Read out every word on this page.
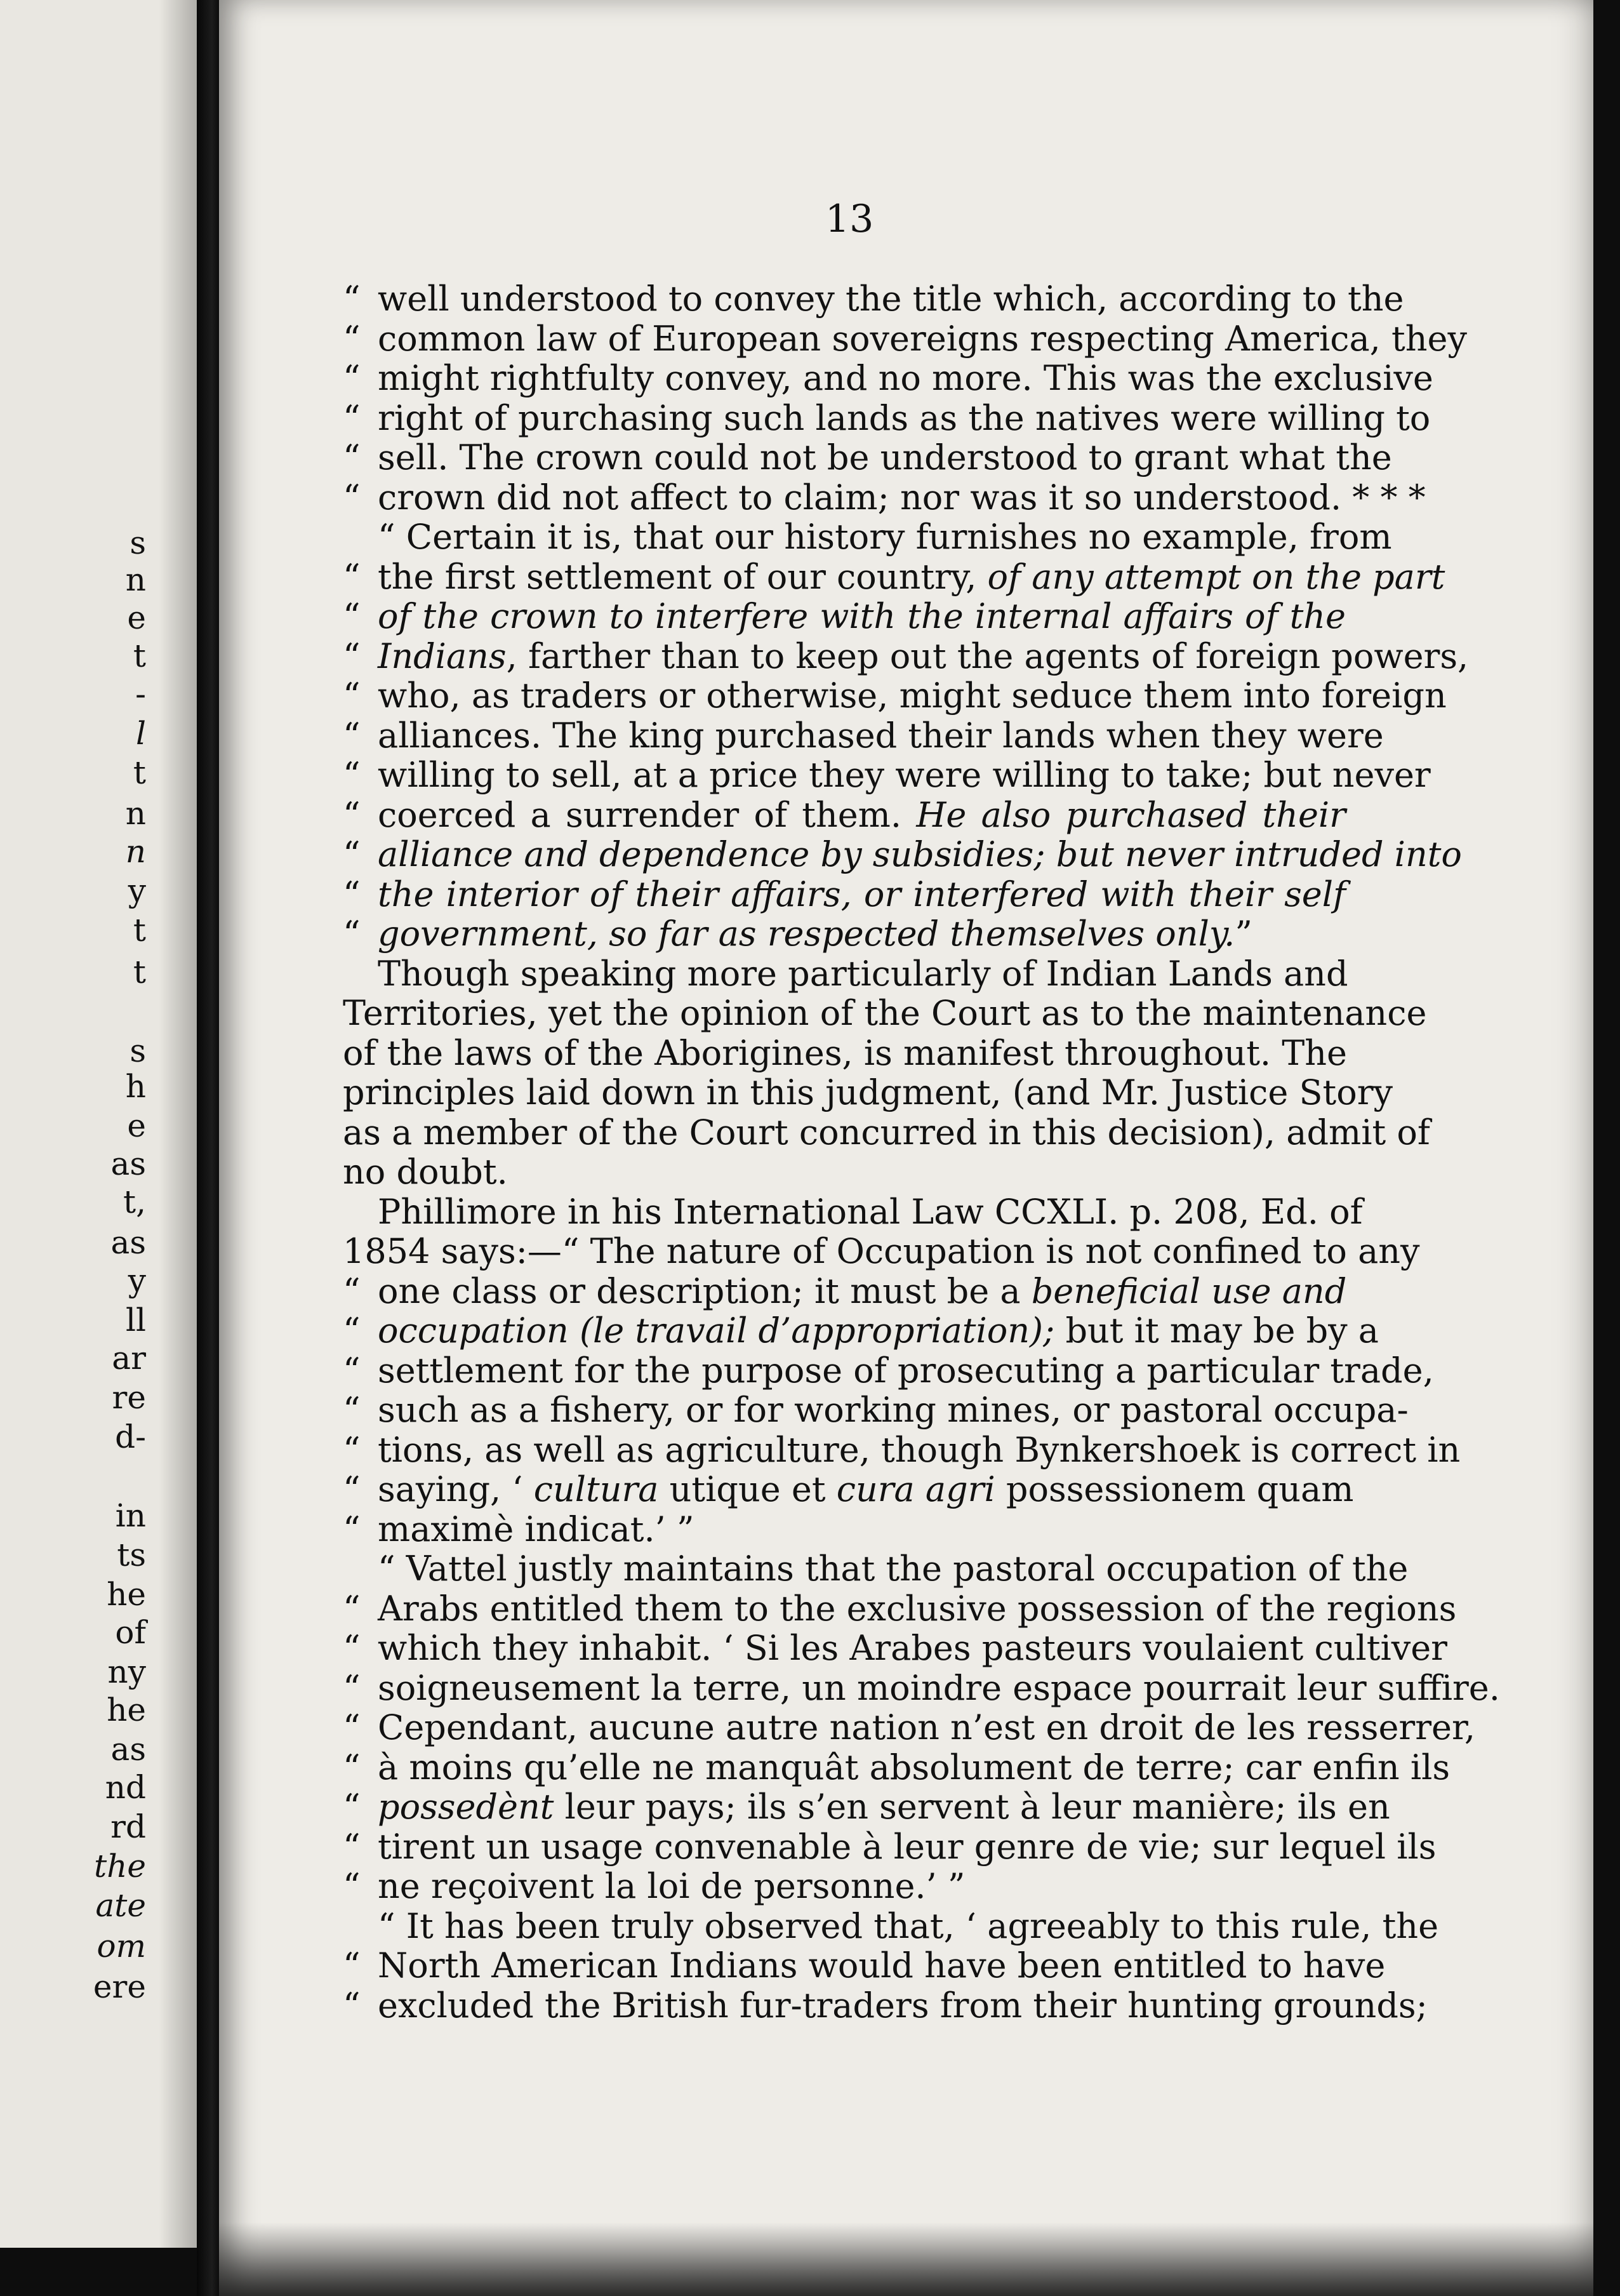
s

n

e

t

-

l

t

n

n

y

t

t

s

h

e

as

t,

as

y

ll

ar

re

d-

in

ts

he

of

ny

he

as

nd

rd

the

ate

om

ere

13

“ well understood to convey the title which, according to the
“ common law of European sovereigns respecting America, they
“ might rightfulty convey, and no more. This was the exclusive
“ right of purchasing such lands as the natives were willing to
“ sell. The crown could not be understood to grant what the
“ crown did not affect to claim; nor was it so understood. * * *
“ Certain it is, that our history furnishes no example, from
“ the first settlement of our country, of any attempt on the part
“ of the crown to interfere with the internal affairs of the
“ Indians, farther than to keep out the agents of foreign powers,
“ who, as traders or otherwise, might seduce them into foreign
“ alliances. The king purchased their lands when they were
“ willing to sell, at a price they were willing to take; but never
“ coerced a surrender of them. He also purchased their
“ alliance and dependence by subsidies; but never intruded into
“ the interior of their affairs, or interfered with their self
“ government, so far as respected themselves only.”
Though speaking more particularly of Indian Lands and
Territories, yet the opinion of the Court as to the maintenance
of the laws of the Aborigines, is manifest throughout. The
principles laid down in this judgment, (and Mr. Justice Story
as a member of the Court concurred in this decision), admit of
no doubt.
Phillimore in his International Law CCXLI. p. 208, Ed. of
1854 says:—“ The nature of Occupation is not confined to any
“ one class or description; it must be a beneficial use and
“ occupation (le travail d’appropriation); but it may be by a
“ settlement for the purpose of prosecuting a particular trade,
“ such as a fishery, or for working mines, or pastoral occupa-
“ tions, as well as agriculture, though Bynkershoek is correct in
“ saying, ‘ cultura utique et cura agri possessionem quam
“ maximè indicat.’ ”
“ Vattel justly maintains that the pastoral occupation of the
“ Arabs entitled them to the exclusive possession of the regions
“ which they inhabit. ‘ Si les Arabes pasteurs voulaient cultiver
“ soigneusement la terre, un moindre espace pourrait leur suffire.
“ Cependant, aucune autre nation n’est en droit de les resserrer,
“ à moins qu’elle ne manquât absolument de terre; car enfin ils
“ possedènt leur pays; ils s’en servent à leur manière; ils en
“ tirent un usage convenable à leur genre de vie; sur lequel ils
“ ne reçoivent la loi de personne.’ ”
“ It has been truly observed that, ‘ agreeably to this rule, the
“ North American Indians would have been entitled to have
“ excluded the British fur-traders from their hunting grounds;
